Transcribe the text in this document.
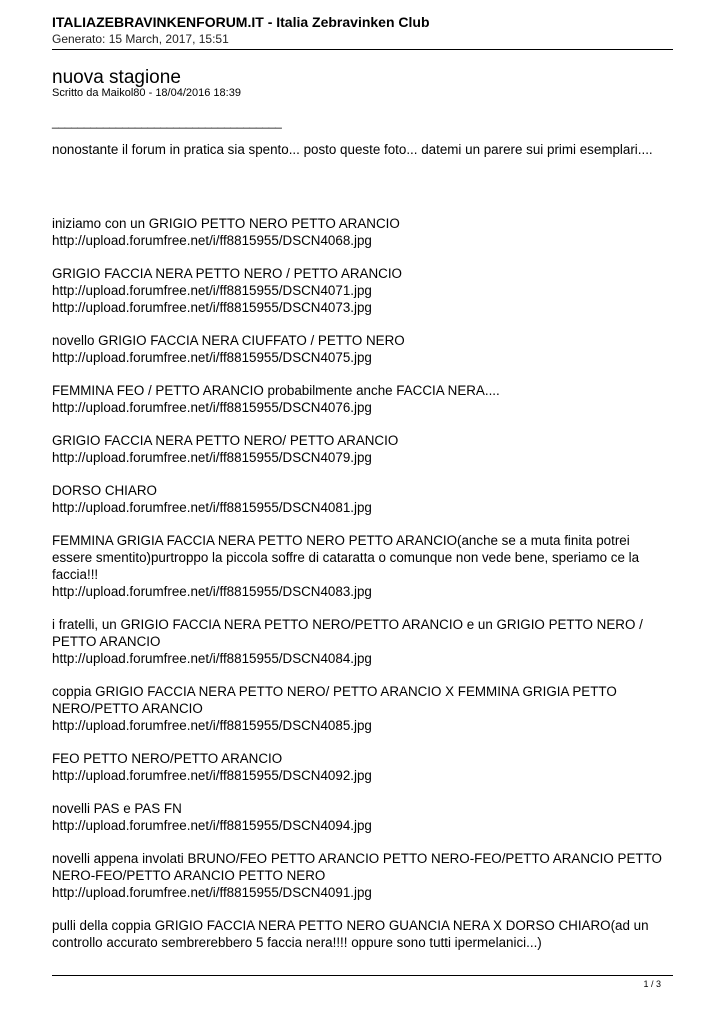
ITALIAZEBRAVINKENFORUM.IT - Italia Zebravinken Club
Generato: 15 March, 2017, 15:51
nuova stagione
Scritto da Maikol80 - 18/04/2016 18:39
____________________________________

nonostante il forum in pratica sia spento... posto queste foto... datemi un parere sui primi esemplari....

iniziamo con un GRIGIO PETTO NERO PETTO ARANCIO

http://upload.forumfree.net/i/ff8815955/DSCN4068.jpg

GRIGIO FACCIA NERA PETTO NERO / PETTO ARANCIO

http://upload.forumfree.net/i/ff8815955/DSCN4071.jpg

http://upload.forumfree.net/i/ff8815955/DSCN4073.jpg

novello GRIGIO FACCIA NERA CIUFFATO / PETTO NERO

http://upload.forumfree.net/i/ff8815955/DSCN4075.jpg

FEMMINA FEO / PETTO ARANCIO probabilmente anche FACCIA NERA....

http://upload.forumfree.net/i/ff8815955/DSCN4076.jpg

GRIGIO FACCIA NERA PETTO NERO/ PETTO ARANCIO

http://upload.forumfree.net/i/ff8815955/DSCN4079.jpg

DORSO CHIARO

http://upload.forumfree.net/i/ff8815955/DSCN4081.jpg

FEMMINA GRIGIA FACCIA NERA PETTO NERO PETTO ARANCIO(anche se a muta finita potrei essere smentito)purtroppo la piccola soffre di cataratta o comunque non vede bene, speriamo ce la faccia!!!

http://upload.forumfree.net/i/ff8815955/DSCN4083.jpg

i fratelli, un GRIGIO FACCIA NERA PETTO NERO/PETTO ARANCIO e un GRIGIO PETTO NERO / PETTO ARANCIO

http://upload.forumfree.net/i/ff8815955/DSCN4084.jpg

coppia GRIGIO FACCIA NERA PETTO NERO/ PETTO ARANCIO X FEMMINA GRIGIA PETTO NERO/PETTO ARANCIO

http://upload.forumfree.net/i/ff8815955/DSCN4085.jpg

FEO PETTO NERO/PETTO ARANCIO

http://upload.forumfree.net/i/ff8815955/DSCN4092.jpg

novelli PAS e PAS FN

http://upload.forumfree.net/i/ff8815955/DSCN4094.jpg

novelli appena involati BRUNO/FEO PETTO ARANCIO PETTO NERO-FEO/PETTO ARANCIO PETTO NERO-FEO/PETTO ARANCIO PETTO NERO

http://upload.forumfree.net/i/ff8815955/DSCN4091.jpg

pulli della coppia GRIGIO FACCIA NERA PETTO NERO GUANCIA NERA X DORSO CHIARO(ad un controllo accurato sembrerebbero 5 faccia nera!!!! oppure sono tutti ipermelanici...)

1 / 3
